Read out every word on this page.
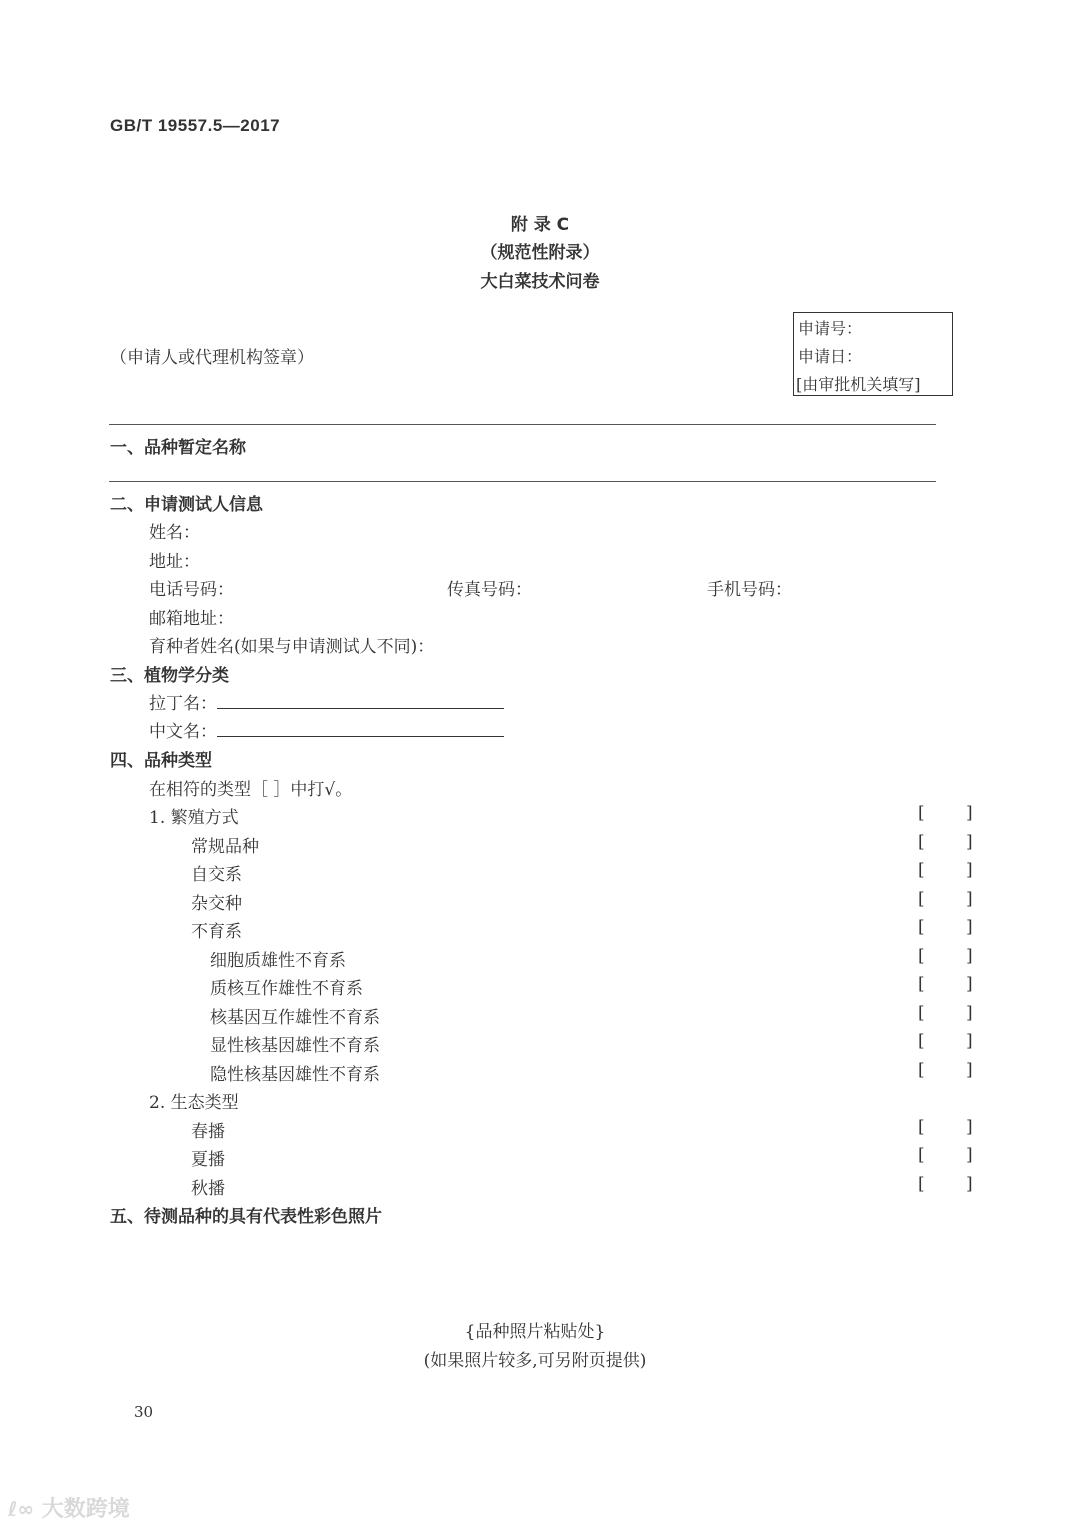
GB/T 19557.5—2017
附 录 C
（规范性附录）
大白菜技术问卷
（申请人或代理机构签章）
申请号：
申请日：
[由审批机关填写]
一、品种暂定名称
二、申请测试人信息
姓名：
地址：
电话号码：	传真号码：	手机号码：
邮箱地址：
育种者姓名(如果与申请测试人不同)：
三、植物学分类
拉丁名：
中文名：
四、品种类型
在相符的类型［ ］中打√。
1. 繁殖方式	[ ]
常规品种	[ ]
自交系	[ ]
杂交种	[ ]
不育系	[ ]
细胞质雄性不育系	[ ]
质核互作雄性不育系	[ ]
核基因互作雄性不育系	[ ]
显性核基因雄性不育系	[ ]
隐性核基因雄性不育系	[ ]
2. 生态类型
春播	[ ]
夏播	[ ]
秋播	[ ]
五、待测品种的具有代表性彩色照片
{品种照片粘贴处}
(如果照片较多,可另附页提供)
30
ℓ∞ 大数跨境
